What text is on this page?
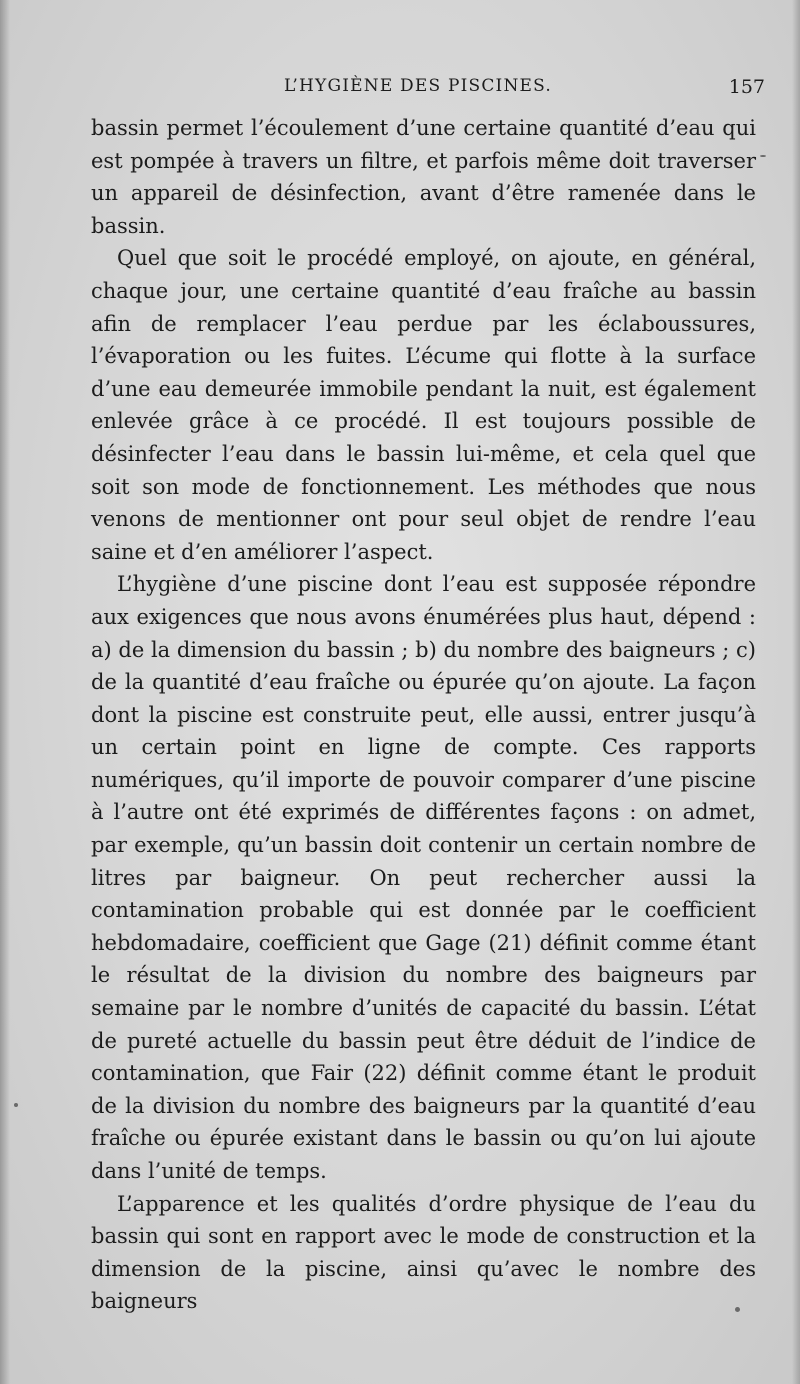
L’HYGIÈNE DES PISCINES.	157

bassin permet l’écoulement d’une certaine quantité d’eau qui est pompée à travers un filtre, et parfois même doit traverser un appareil de désinfection, avant d’être ramenée dans le bassin.

Quel que soit le procédé employé, on ajoute, en général, chaque jour, une certaine quantité d’eau fraîche au bassin afin de remplacer l’eau perdue par les éclaboussures, l’évaporation ou les fuites. L’écume qui flotte à la surface d’une eau demeurée immobile pendant la nuit, est également enlevée grâce à ce procédé. Il est toujours possible de désinfecter l’eau dans le bassin lui-même, et cela quel que soit son mode de fonctionnement. Les méthodes que nous venons de mentionner ont pour seul objet de rendre l’eau saine et d’en améliorer l’aspect.

L’hygiène d’une piscine dont l’eau est supposée répondre aux exigences que nous avons énumérées plus haut, dépend : a) de la dimension du bassin ; b) du nombre des baigneurs ; c) de la quantité d’eau fraîche ou épurée qu’on ajoute. La façon dont la piscine est construite peut, elle aussi, entrer jusqu’à un certain point en ligne de compte. Ces rapports numériques, qu’il importe de pouvoir comparer d’une piscine à l’autre ont été exprimés de différentes façons : on admet, par exemple, qu’un bassin doit contenir un certain nombre de litres par baigneur. On peut rechercher aussi la contamination probable qui est donnée par le coefficient hebdomadaire, coefficient que Gage (21) définit comme étant le résultat de la division du nombre des baigneurs par semaine par le nombre d’unités de capacité du bassin. L’état de pureté actuelle du bassin peut être déduit de l’indice de contamination, que Fair (22) définit comme étant le produit de la division du nombre des baigneurs par la quantité d’eau fraîche ou épurée existant dans le bassin ou qu’on lui ajoute dans l’unité de temps.

L’apparence et les qualités d’ordre physique de l’eau du bassin qui sont en rapport avec le mode de construction et la dimension de la piscine, ainsi qu’avec le nombre des baigneurs
